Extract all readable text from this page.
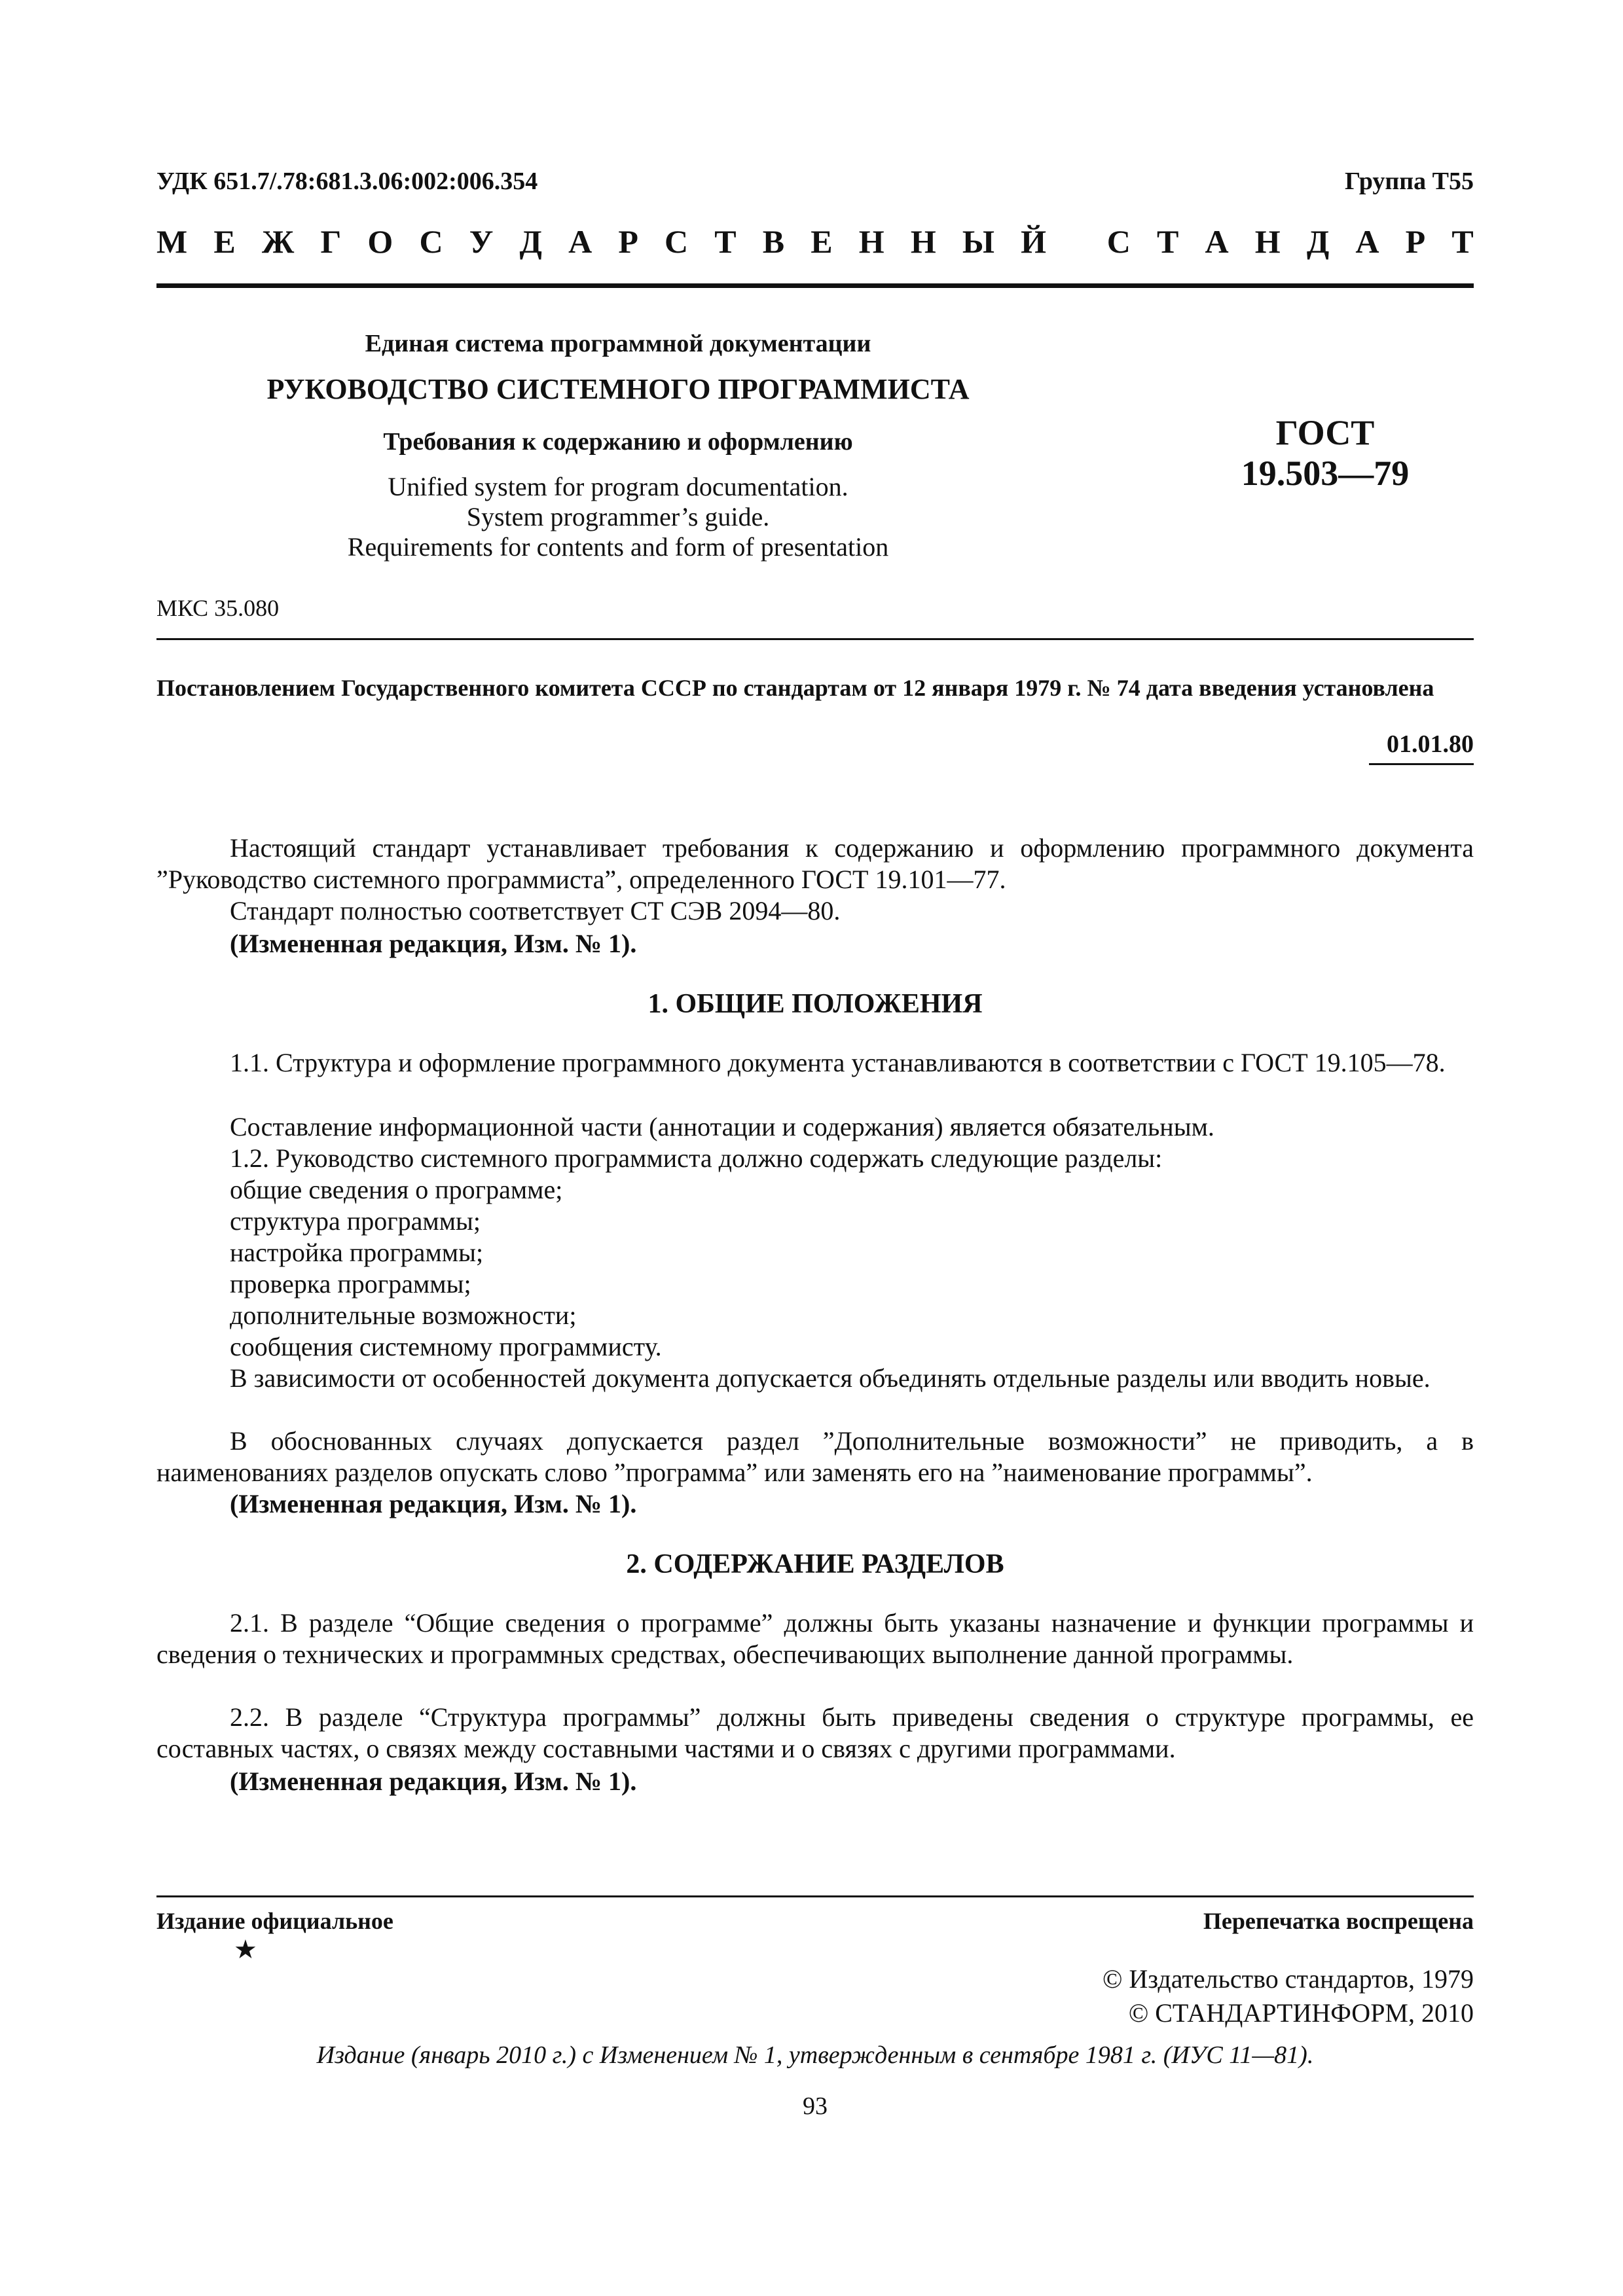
УДК 651.7/.78:681.3.06:002:006.354	Группа Т55
М Е Ж Г О С У Д А Р С Т В Е Н Н Ы Й
С Т А Н Д А Р Т
Единая система программной документации
РУКОВОДСТВО СИСТЕМНОГО ПРОГРАММИСТА
Требования к содержанию и оформлению
Unified system for program documentation.
System programmer’s guide.
Requirements for contents and form of presentation
ГОСТ
19.503—79
МКС 35.080
Постановлением Государственного комитета СССР по стандартам от 12 января 1979 г. № 74 дата введения установлена
01.01.80
Настоящий стандарт устанавливает требования к содержанию и оформлению программного документа ”Руководство системного программиста”, определенного ГОСТ 19.101—77.
Стандарт полностью соответствует СТ СЭВ 2094—80.
(Измененная редакция, Изм. № 1).
1. ОБЩИЕ ПОЛОЖЕНИЯ
1.1. Структура и оформление программного документа устанавливаются в соответствии с ГОСТ 19.105—78.
Составление информационной части (аннотации и содержания) является обязательным.
1.2. Руководство системного программиста должно содержать следующие разделы:
общие сведения о программе;
структура программы;
настройка программы;
проверка программы;
дополнительные возможности;
сообщения системному программисту.
В зависимости от особенностей документа допускается объединять отдельные разделы или вводить новые.
В обоснованных случаях допускается раздел ”Дополнительные возможности” не приводить, а в наименованиях разделов опускать слово ”программа” или заменять его на ”наименование программы”.
(Измененная редакция, Изм. № 1).
2. СОДЕРЖАНИЕ РАЗДЕЛОВ
2.1. В разделе “Общие сведения о программе” должны быть указаны назначение и функции программы и сведения о технических и программных средствах, обеспечивающих выполнение данной программы.
2.2. В разделе “Структура программы” должны быть приведены сведения о структуре программы, ее составных частях, о связях между составными частями и о связях с другими программами.
(Измененная редакция, Изм. № 1).
Издание официальное	Перепечатка воспрещена
★
© Издательство стандартов, 1979
© СТАНДАРТИНФОРМ, 2010
Издание (январь 2010 г.) с Изменением № 1, утвержденным в сентябре 1981 г. (ИУС 11—81).
93
